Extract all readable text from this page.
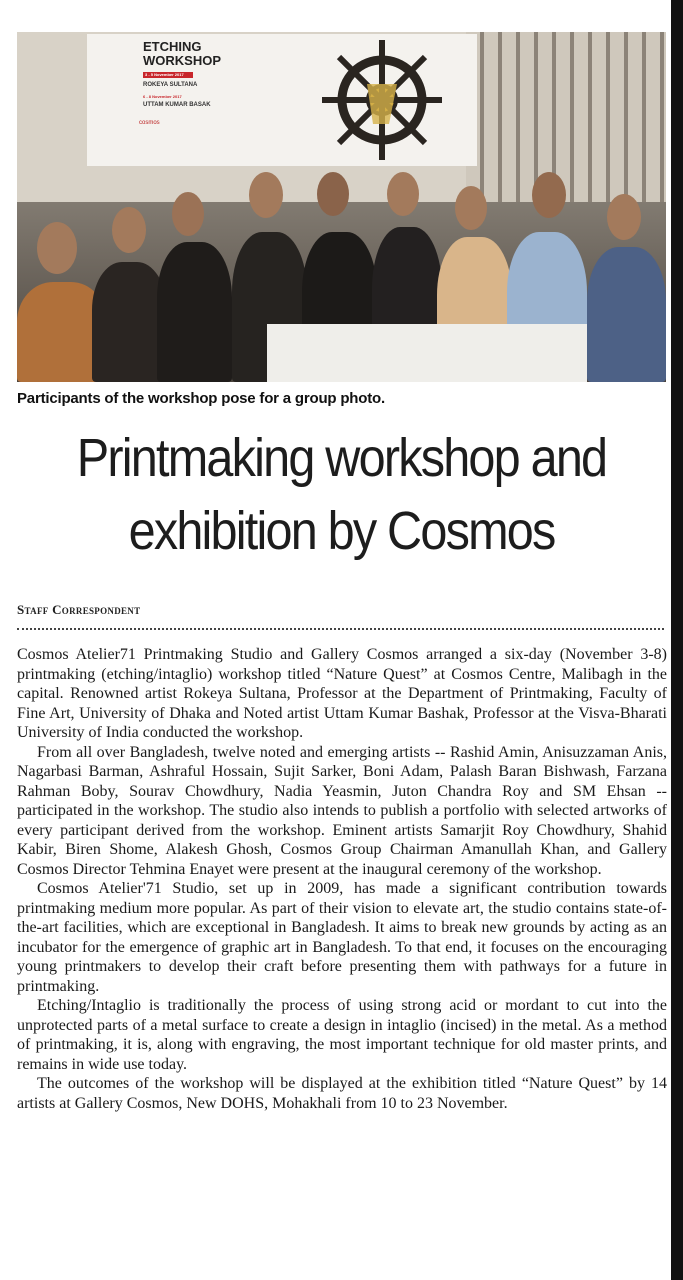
ETCHING WORKSHOP
3 - 5 November 2017
ROKEYA SULTANA
6 - 8 November 2017
UTTAM KUMAR BASAK
cosmos
Participants of the workshop pose for a group photo.
Printmaking workshop and
exhibition by Cosmos
Staff Correspondent

Cosmos Atelier71 Printmaking Studio and Gallery Cosmos arranged a six-day (November 3-8) printmaking (etching/intaglio) workshop titled “Nature Quest” at Cosmos Centre, Malibagh in the capital. Renowned artist Rokeya Sultana, Professor at the Department of Printmaking, Faculty of Fine Art, University of Dhaka and Noted artist Uttam Kumar Bashak, Professor at the Visva-Bharati University of India conducted the workshop.

From all over Bangladesh, twelve noted and emerging artists -- Rashid Amin, Anisuzzaman Anis, Nagarbasi Barman, Ashraful Hossain, Sujit Sarker, Boni Adam, Palash Baran Bishwash, Farzana Rahman Boby, Sourav Chowdhury, Nadia Yeasmin, Juton Chandra Roy and SM Ehsan -- participated in the workshop. The studio also intends to publish a portfolio with selected artworks of every participant derived from the workshop. Eminent artists Samarjit Roy Chowdhury, Shahid Kabir, Biren Shome, Alakesh Ghosh, Cosmos Group Chairman Amanullah Khan, and Gallery Cosmos Director Tehmina Enayet were present at the inaugural ceremony of the workshop.

Cosmos Atelier'71 Studio, set up in 2009, has made a significant contribution towards printmaking medium more popular. As part of their vision to elevate art, the studio contains state-of-the-art facilities, which are exceptional in Bangladesh. It aims to break new grounds by acting as an incubator for the emergence of graphic art in Bangladesh. To that end, it focuses on the encouraging young printmakers to develop their craft before presenting them with pathways for a future in printmaking.

Etching/Intaglio is traditionally the process of using strong acid or mordant to cut into the unprotected parts of a metal surface to create a design in intaglio (incised) in the metal. As a method of printmaking, it is, along with engraving, the most important technique for old master prints, and remains in wide use today.

The outcomes of the workshop will be displayed at the exhibition titled “Nature Quest” by 14 artists at Gallery Cosmos, New DOHS, Mohakhali from 10 to 23 November.
